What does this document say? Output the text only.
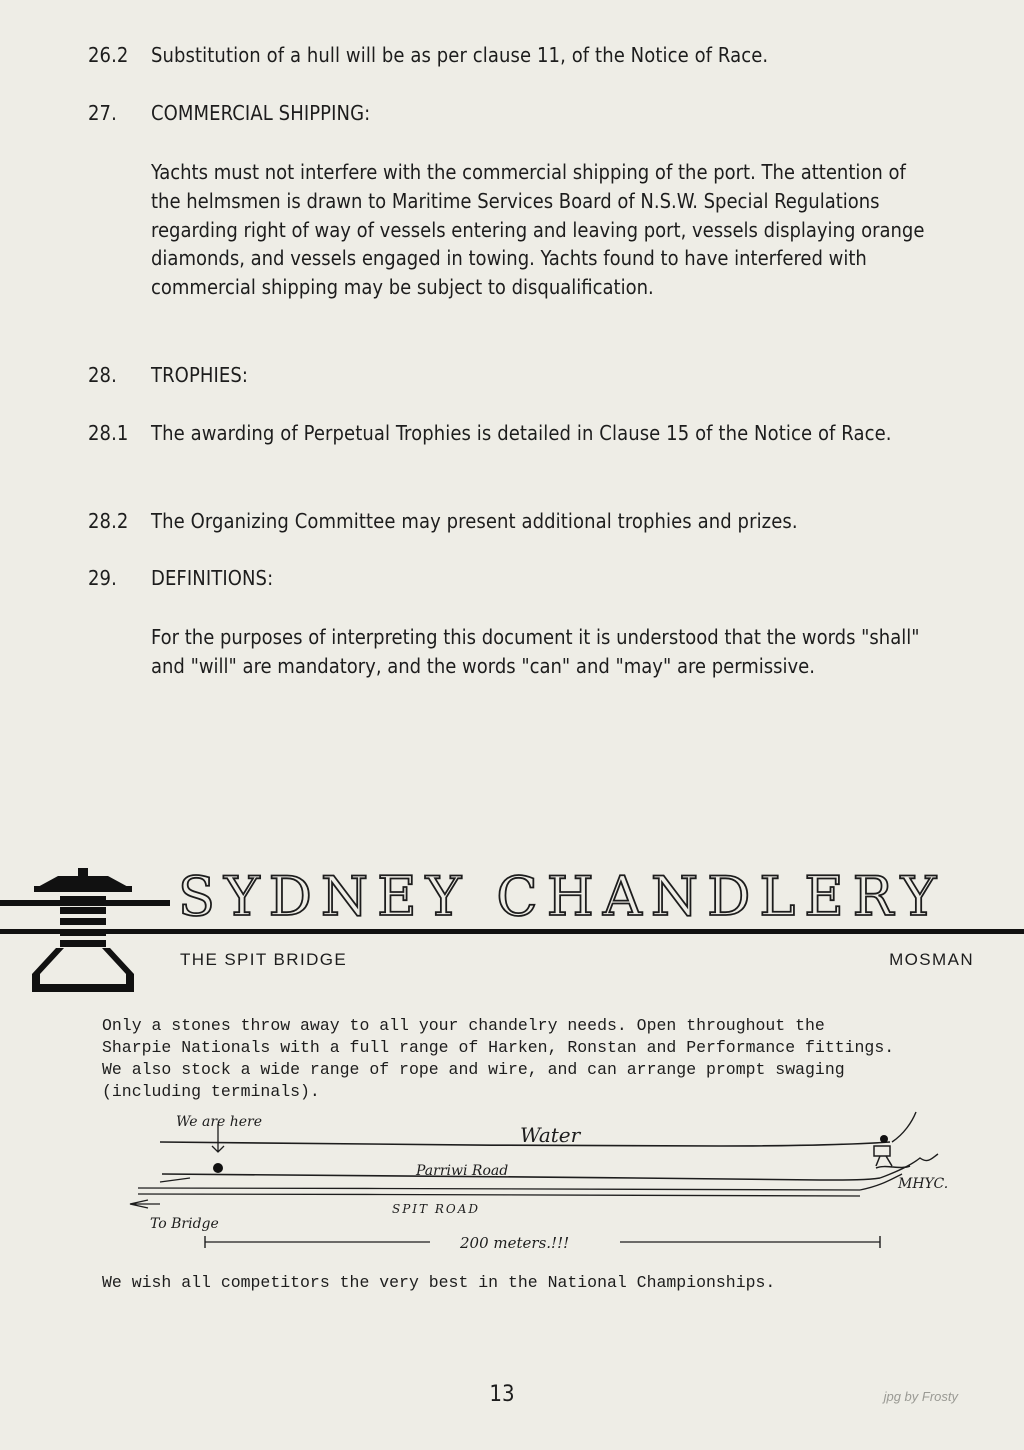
26.2	Substitution of a hull will be as per clause 11, of the Notice of Race.
27.	COMMERCIAL SHIPPING:
Yachts must not interfere with the commercial shipping of the port. The attention of the helmsmen is drawn to Maritime Services Board of N.S.W. Special Regulations regarding right of way of vessels entering and leaving port, vessels displaying orange diamonds, and vessels engaged in towing. Yachts found to have interfered with commercial shipping may be subject to disqualification.
28.	TROPHIES:
28.1	The awarding of Perpetual Trophies is detailed in Clause 15 of the Notice of Race.
28.2	The Organizing Committee may present additional trophies and prizes.
29.	DEFINITIONS:
For the purposes of interpreting this document it is understood that the words "shall" and "will" are mandatory, and the words "can" and "may" are permissive.
SYDNEY CHANDLERY
THE SPIT BRIDGE	MOSMAN
Only a stones throw away to all your chandelry needs. Open throughout the Sharpie Nationals with a full range of Harken, Ronstan and Performance fittings. We also stock a wide range of rope and wire, and can arrange prompt swaging (including terminals).
We are here
Water
Parriwi Road
SPIT ROAD
MHYC.
To Bridge
200 meters.!!!
We wish all competitors the very best in the National Championships.
13	jpg by Frosty
